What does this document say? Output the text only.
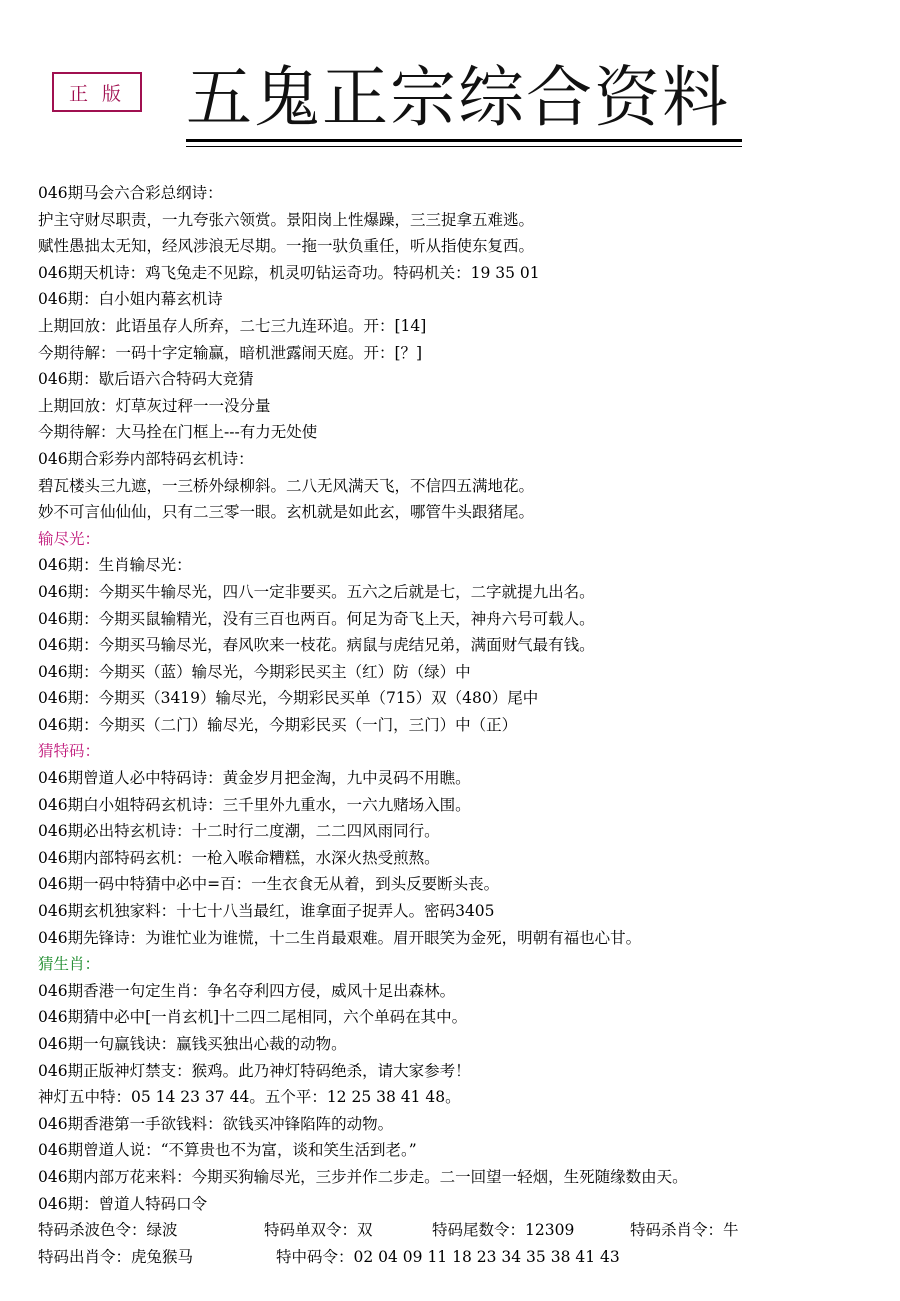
正 版 五鬼正宗综合资料
046期马会六合彩总纲诗：
护主守财尽职责，一九夸张六领赏。景阳岗上性爆躁，三三捉拿五难逃。
赋性愚拙太无知，经风涉浪无尽期。一拖一驮负重任，听从指使东复西。
046期天机诗：鸡飞兔走不见踪，机灵叨钻运奇功。特码机关：19 35 01
046期：白小姐内幕玄机诗
上期回放：此语虽存人所弃，二七三九连环追。开：[14]
今期待解：一码十字定输赢，暗机泄露闹天庭。开：[？]
046期：歇后语六合特码大竞猜
上期回放：灯草灰过秤一一没分量
今期待解：大马拴在门框上---有力无处使
046期合彩券内部特码玄机诗：
碧瓦楼头三九遮，一三桥外绿柳斜。二八无风满天飞，不信四五满地花。
妙不可言仙仙仙，只有二三零一眼。玄机就是如此玄，哪管牛头跟猪尾。
输尽光：
046期：生肖输尽光：
046期：今期买牛输尽光，四八一定非要买。五六之后就是七，二字就提九出名。
046期：今期买鼠输精光，没有三百也两百。何足为奇飞上天，神舟六号可载人。
046期：今期买马输尽光，春风吹来一枝花。病鼠与虎结兄弟，满面财气最有钱。
046期：今期买（蓝）输尽光，今期彩民买主（红）防（绿）中
046期：今期买（3419）输尽光，今期彩民买单（715）双（480）尾中
046期：今期买（二门）输尽光，今期彩民买（一门，三门）中（正）
猜特码：
046期曾道人必中特码诗：黄金岁月把金淘，九中灵码不用瞧。
046期白小姐特码玄机诗：三千里外九重水，一六九赌场入围。
046期必出特玄机诗：十二时行二度潮，二二四风雨同行。
046期内部特码玄机：一枪入喉命糟糕，水深火热受煎熬。
046期一码中特猜中必中=百：一生衣食无从着，到头反要断头丧。
046期玄机独家料：十七十八当最红，谁拿面子捉弄人。密码3405
046期先锋诗：为谁忙业为谁慌，十二生肖最艰难。眉开眼笑为金死，明朝有福也心甘。
猜生肖：
046期香港一句定生肖：争名夺利四方侵，威风十足出森林。
046期猜中必中[一肖玄机]十二四二尾相同，六个单码在其中。
046期一句赢钱诀：赢钱买独出心裁的动物。
046期正版神灯禁支：猴鸡。此乃神灯特码绝杀，请大家参考！
神灯五中特：05 14 23 37 44。五个平：12 25 38 41 48。
046期香港第一手欲钱料：欲钱买冲锋陷阵的动物。
046期曾道人说：“不算贵也不为富，谈和笑生活到老。”
046期内部万花来料：今期买狗输尽光，三步并作二步走。二一回望一轻烟，生死随缘数由天。
046期：曾道人特码口令
特码杀波色令：绿波	特码单双令：双	特码尾数令：12309	特码杀肖令：牛
特码出肖令：虎兔猴马	特中码令：02 04 09 11 18 23 34 35 38 41 43
